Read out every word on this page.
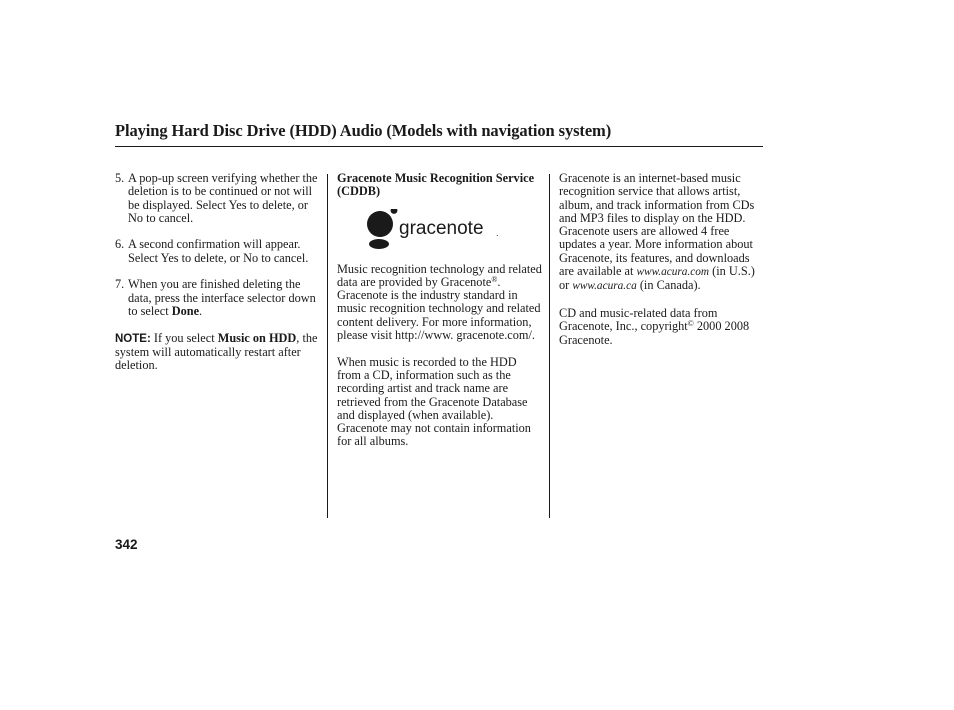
Playing Hard Disc Drive (HDD) Audio (Models with navigation system)
5. A pop-up screen verifying whether the deletion is to be continued or not will be displayed. Select Yes to delete, or No to cancel.
6. A second confirmation will appear. Select Yes to delete, or No to cancel.
7. When you are finished deleting the data, press the interface selector down to select Done.
NOTE: If you select Music on HDD, the system will automatically restart after deletion.
Gracenote Music Recognition Service (CDDB)
gracenote .
Music recognition technology and related data are provided by Gracenote®. Gracenote is the industry standard in music recognition technology and related content delivery. For more information, please visit http://www. gracenote.com/.
When music is recorded to the HDD from a CD, information such as the recording artist and track name are retrieved from the Gracenote Database and displayed (when available). Gracenote may not contain information for all albums.
Gracenote is an internet-based music recognition service that allows artist, album, and track information from CDs and MP3 files to display on the HDD. Gracenote users are allowed 4 free updates a year. More information about Gracenote, its features, and downloads are available at www.acura.com (in U.S.) or www.acura.ca (in Canada).
CD and music-related data from Gracenote, Inc., copyright© 2000 2008 Gracenote.
342
